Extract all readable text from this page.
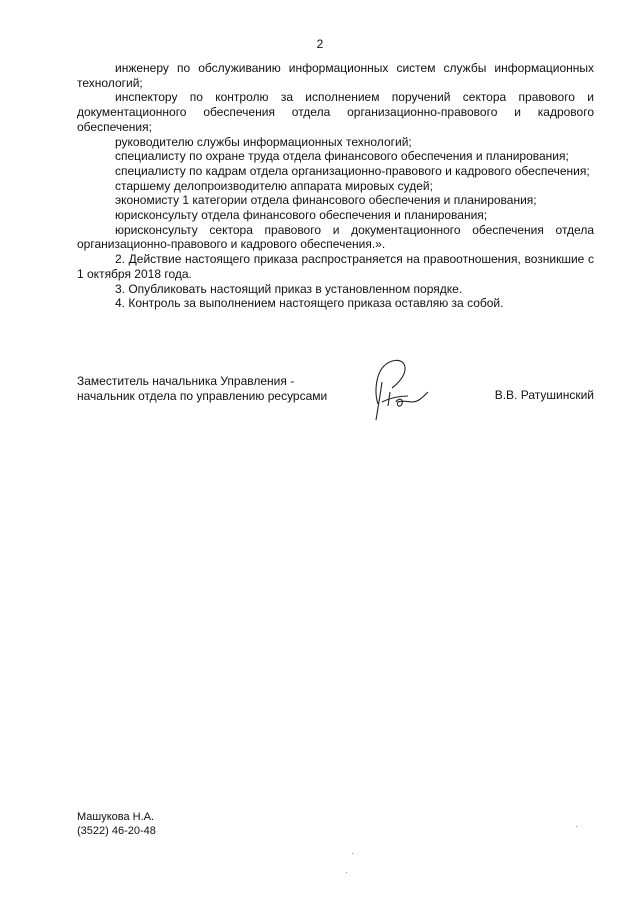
2

инженеру по обслуживанию информационных систем службы информационных технологий;

инспектору по контролю за исполнением поручений сектора правового и документационного обеспечения отдела организационно-правового и кадрового обеспечения;

руководителю службы информационных технологий;

специалисту по охране труда отдела финансового обеспечения и планирования;

специалисту по кадрам отдела организационно-правового и кадрового обеспечения;

старшему делопроизводителю аппарата мировых судей;

экономисту 1 категории отдела финансового обеспечения и планирования;

юрисконсульту отдела финансового обеспечения и планирования;

юрисконсульту сектора правового и документационного обеспечения отдела организационно-правового и кадрового обеспечения.».

2. Действие настоящего приказа распространяется на правоотношения, возникшие с 1 октября 2018 года.

3. Опубликовать настоящий приказ в установленном порядке.

4. Контроль за выполнением настоящего приказа оставляю за собой.

Заместитель начальника Управления -
начальник отдела по управлению ресурсами	В.В. Ратушинский
Машукова Н.А.
(3522) 46-20-48
